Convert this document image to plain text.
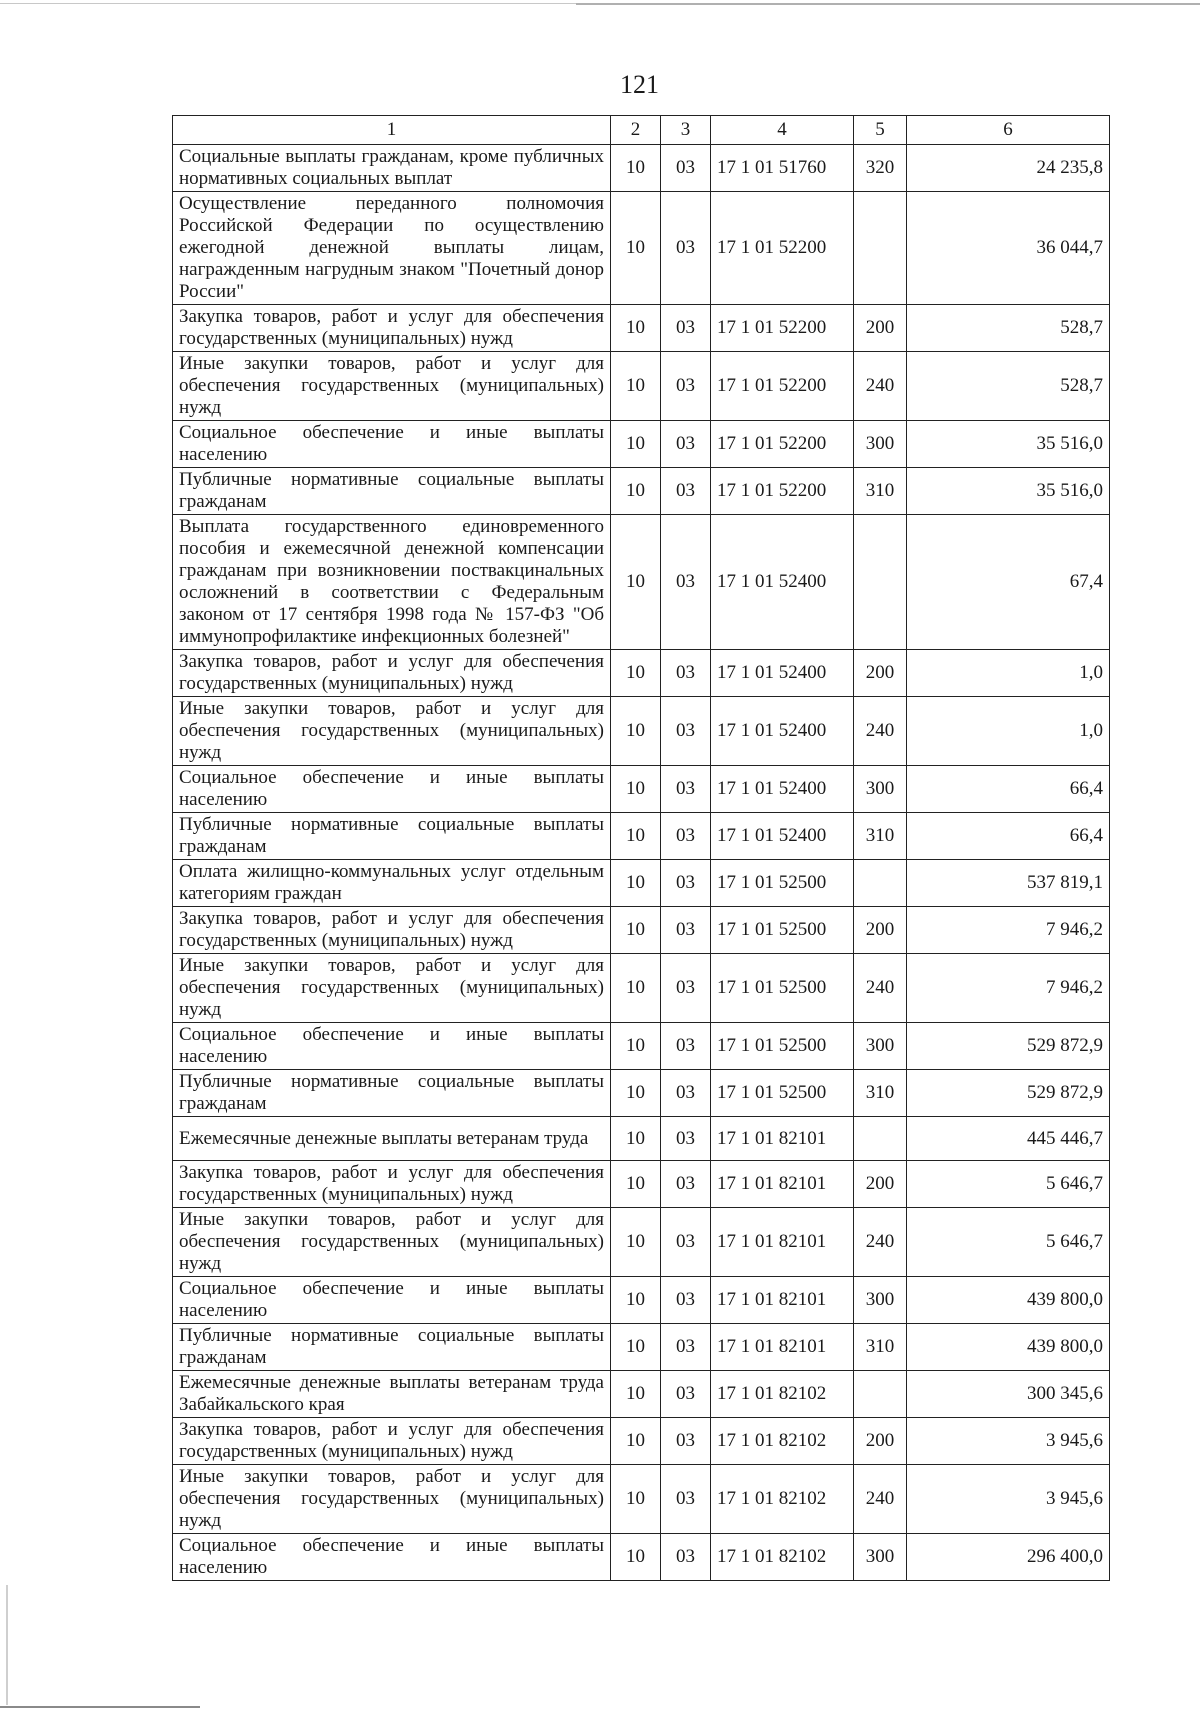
121
1	2	3	4	5	6
Социальные выплаты гражданам, кроме публичных нормативных социальных выплат	10	03	17 1 01 51760	320	24 235,8
Осуществление переданного полномочия Российской Федерации по осуществлению ежегодной денежной выплаты лицам, награжденным нагрудным знаком "Почетный донор России"	10	03	17 1 01 52200		36 044,7
Закупка товаров, работ и услуг для обеспечения государственных (муниципальных) нужд	10	03	17 1 01 52200	200	528,7
Иные закупки товаров, работ и услуг для обеспечения государственных (муниципальных) нужд	10	03	17 1 01 52200	240	528,7
Социальное обеспечение и иные выплаты населению	10	03	17 1 01 52200	300	35 516,0
Публичные нормативные социальные выплаты гражданам	10	03	17 1 01 52200	310	35 516,0
Выплата государственного единовременного пособия и ежемесячной денежной компенсации гражданам при возникновении поствакцинальных осложнений в соответствии с Федеральным законом от 17 сентября 1998 года № 157-ФЗ "Об иммунопрофилактике инфекционных болезней"	10	03	17 1 01 52400		67,4
Закупка товаров, работ и услуг для обеспечения государственных (муниципальных) нужд	10	03	17 1 01 52400	200	1,0
Иные закупки товаров, работ и услуг для обеспечения государственных (муниципальных) нужд	10	03	17 1 01 52400	240	1,0
Социальное обеспечение и иные выплаты населению	10	03	17 1 01 52400	300	66,4
Публичные нормативные социальные выплаты гражданам	10	03	17 1 01 52400	310	66,4
Оплата жилищно-коммунальных услуг отдельным категориям граждан	10	03	17 1 01 52500		537 819,1
Закупка товаров, работ и услуг для обеспечения государственных (муниципальных) нужд	10	03	17 1 01 52500	200	7 946,2
Иные закупки товаров, работ и услуг для обеспечения государственных (муниципальных) нужд	10	03	17 1 01 52500	240	7 946,2
Социальное обеспечение и иные выплаты населению	10	03	17 1 01 52500	300	529 872,9
Публичные нормативные социальные выплаты гражданам	10	03	17 1 01 52500	310	529 872,9
Ежемесячные денежные выплаты ветеранам труда	10	03	17 1 01 82101		445 446,7
Закупка товаров, работ и услуг для обеспечения государственных (муниципальных) нужд	10	03	17 1 01 82101	200	5 646,7
Иные закупки товаров, работ и услуг для обеспечения государственных (муниципальных) нужд	10	03	17 1 01 82101	240	5 646,7
Социальное обеспечение и иные выплаты населению	10	03	17 1 01 82101	300	439 800,0
Публичные нормативные социальные выплаты гражданам	10	03	17 1 01 82101	310	439 800,0
Ежемесячные денежные выплаты ветеранам труда Забайкальского края	10	03	17 1 01 82102		300 345,6
Закупка товаров, работ и услуг для обеспечения государственных (муниципальных) нужд	10	03	17 1 01 82102	200	3 945,6
Иные закупки товаров, работ и услуг для обеспечения государственных (муниципальных) нужд	10	03	17 1 01 82102	240	3 945,6
Социальное обеспечение и иные выплаты населению	10	03	17 1 01 82102	300	296 400,0
